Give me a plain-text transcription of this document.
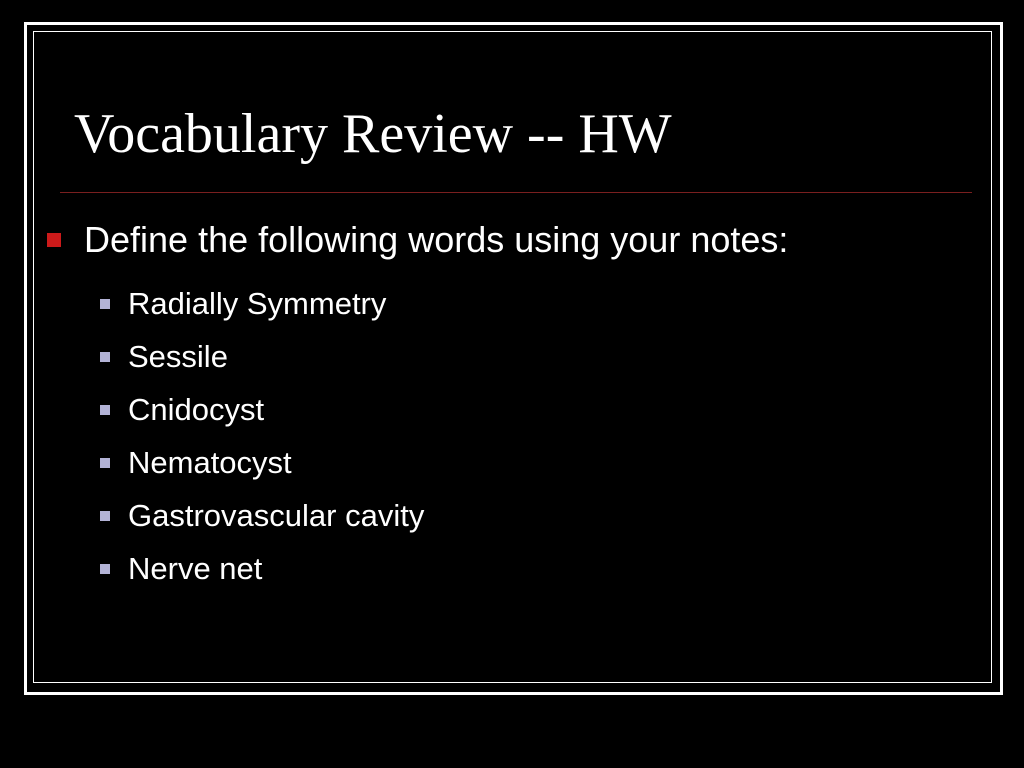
Vocabulary Review -- HW
Define the following words using your notes:
Radially Symmetry
Sessile
Cnidocyst
Nematocyst
Gastrovascular cavity
Nerve net
